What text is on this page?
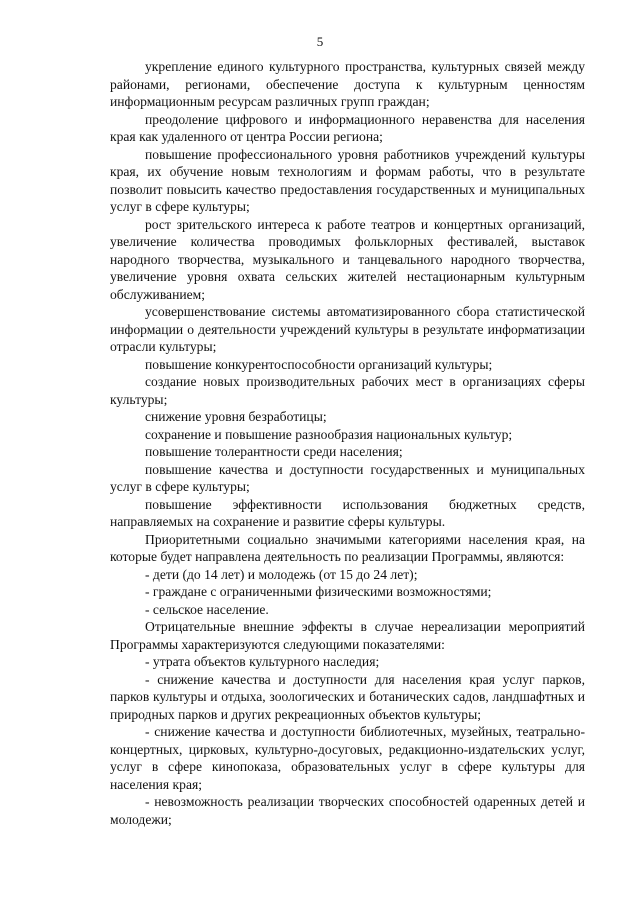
5

укрепление единого культурного пространства, культурных связей между районами, регионами, обеспечение доступа к культурным ценностям информационным ресурсам различных групп граждан;

преодоление цифрового и информационного неравенства для населения края как удаленного от центра России региона;

повышение профессионального уровня работников учреждений культуры края, их обучение новым технологиям и формам работы, что в результате позволит повысить качество предоставления государственных и муниципальных услуг в сфере культуры;

рост зрительского интереса к работе театров и концертных организаций, увеличение количества проводимых фольклорных фестивалей, выставок народного творчества, музыкального и танцевального народного творчества, увеличение уровня охвата сельских жителей нестационарным культурным обслуживанием;

усовершенствование системы автоматизированного сбора статистической информации о деятельности учреждений культуры в результате информатизации отрасли культуры;

повышение конкурентоспособности организаций культуры;

создание новых производительных рабочих мест в организациях сферы культуры;

снижение уровня безработицы;

сохранение и повышение разнообразия национальных культур;

повышение толерантности среди населения;

повышение качества и доступности государственных и муниципальных услуг в сфере культуры;

повышение эффективности использования бюджетных средств, направляемых на сохранение и развитие сферы культуры.

Приоритетными социально значимыми категориями населения края, на которые будет направлена деятельность по реализации Программы, являются:

- дети (до 14 лет) и молодежь (от 15 до 24 лет);

- граждане с ограниченными физическими возможностями;

- сельское население.

Отрицательные внешние эффекты в случае нереализации мероприятий Программы характеризуются следующими показателями:

- утрата объектов культурного наследия;

- снижение качества и доступности для населения края услуг парков, парков культуры и отдыха, зоологических и ботанических садов, ландшафтных и природных парков и других рекреационных объектов культуры;

- снижение качества и доступности библиотечных, музейных, театрально-концертных, цирковых, культурно-досуговых, редакционно-издательских услуг, услуг в сфере кинопоказа, образовательных услуг в сфере культуры для населения края;

- невозможность реализации творческих способностей одаренных детей и молодежи;
